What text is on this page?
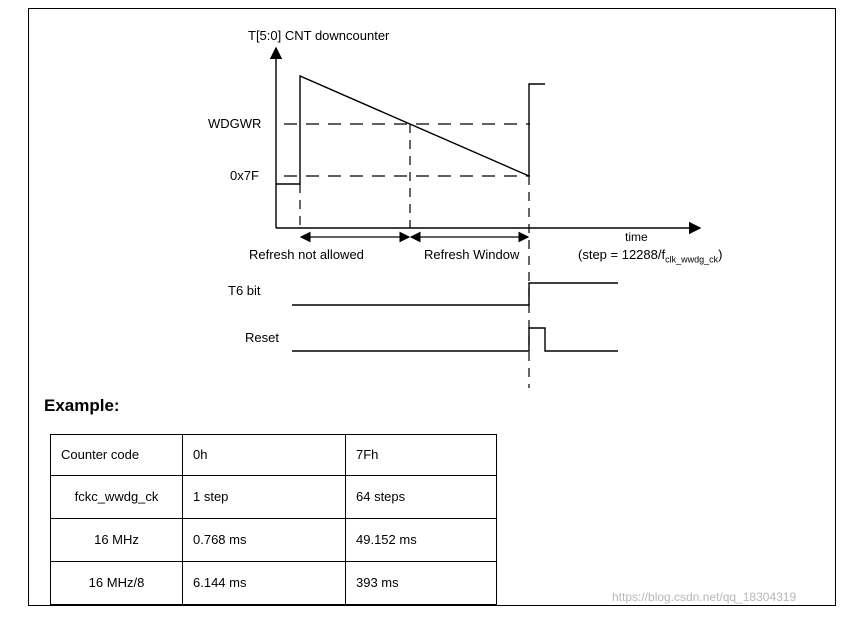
T[5:0] CNT downcounter
WDGWR
0x7F
time
Refresh not allowed	Refresh Window	(step = $12288/f_{clk\_wwdg\_ck}$)
T6 bit
Reset
Example:
Counter code	0h	7Fh

fckc_wwdg_ck	1 step	64 steps

16 MHz	0.768 ms	49.152 ms

16 MHz/8	6.144 ms	393 ms
https://blog.csdn.net/qq_18304319
